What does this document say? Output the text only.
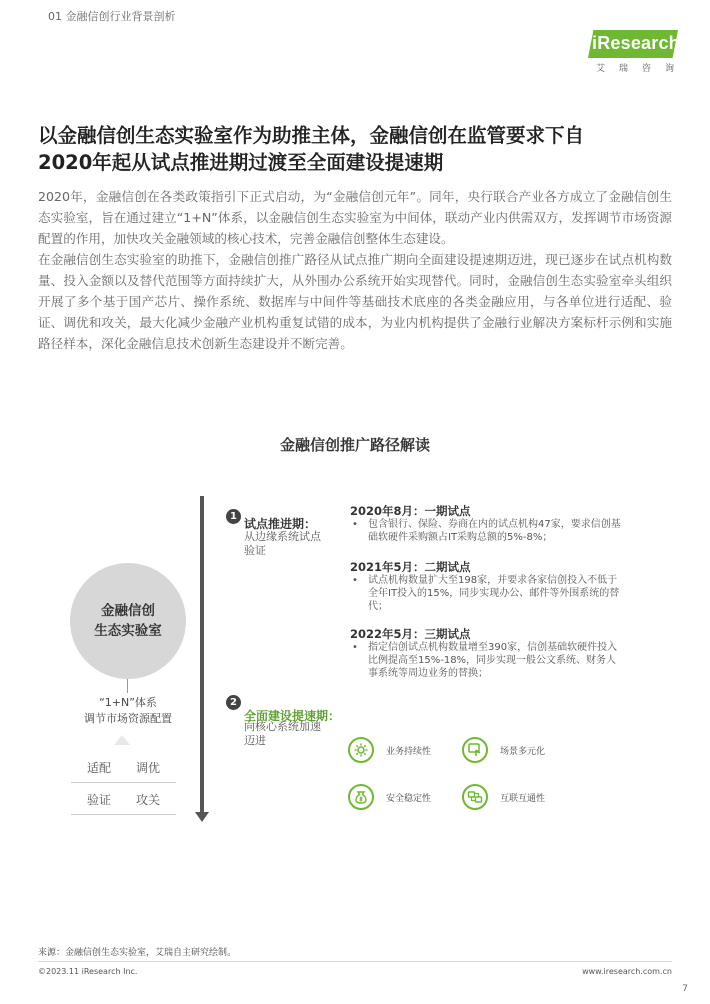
01 金融信创行业背景剖析
iResearch
艾瑞咨询
以金融信创生态实验室作为助推主体，金融信创在监管要求下自
2020年起从试点推进期过渡至全面建设提速期

2020年，金融信创在各类政策指引下正式启动，为“金融信创元年”。同年，央行联合产业各方成立了金融信创生态实验室，旨在通过建立“1+N”体系，以金融信创生态实验室为中间体，联动产业内供需双方，发挥调节市场资源配置的作用，加快攻关金融领域的核心技术，完善金融信创整体生态建设。

在金融信创生态实验室的助推下，金融信创推广路径从试点推广期向全面建设提速期迈进，现已逐步在试点机构数量、投入金额以及替代范围等方面持续扩大，从外围办公系统开始实现替代。同时，金融信创生态实验室牵头组织开展了多个基于国产芯片、操作系统、数据库与中间件等基础技术底座的各类金融应用，与各单位进行适配、验证、调优和攻关，最大化减少金融产业机构重复试错的成本，为业内机构提供了金融行业解决方案标杆示例和实施路径样本，深化金融信息技术创新生态建设并不断完善。

金融信创推广路径解读
金融信创
生态实验室
“1+N”体系
调节市场资源配置
适配	调优
验证	攻关
1
试点推进期：
从边缘系统试点
验证
2
全面建设提速期：
向核心系统加速
迈进
2020年8月：一期试点
• 包含银行、保险、券商在内的试点机构47家，要求信创基
础软硬件采购额占IT采购总额的5%-8%；
2021年5月：二期试点
• 试点机构数量扩大至198家，并要求各家信创投入不低于
全年IT投入的15%，同步实现办公、邮件等外围系统的替
代；
2022年5月：三期试点
• 指定信创试点机构数量增至390家，信创基础软硬件投入
比例提高至15%-18%，同步实现一般公文系统、财务人
事系统等周边业务的替换；
业务持续性	场景多元化
安全稳定性	互联互通性
来源：金融信创生态实验室，艾瑞自主研究绘制。
©2023.11 iResearch Inc.	www.iresearch.com.cn
7
